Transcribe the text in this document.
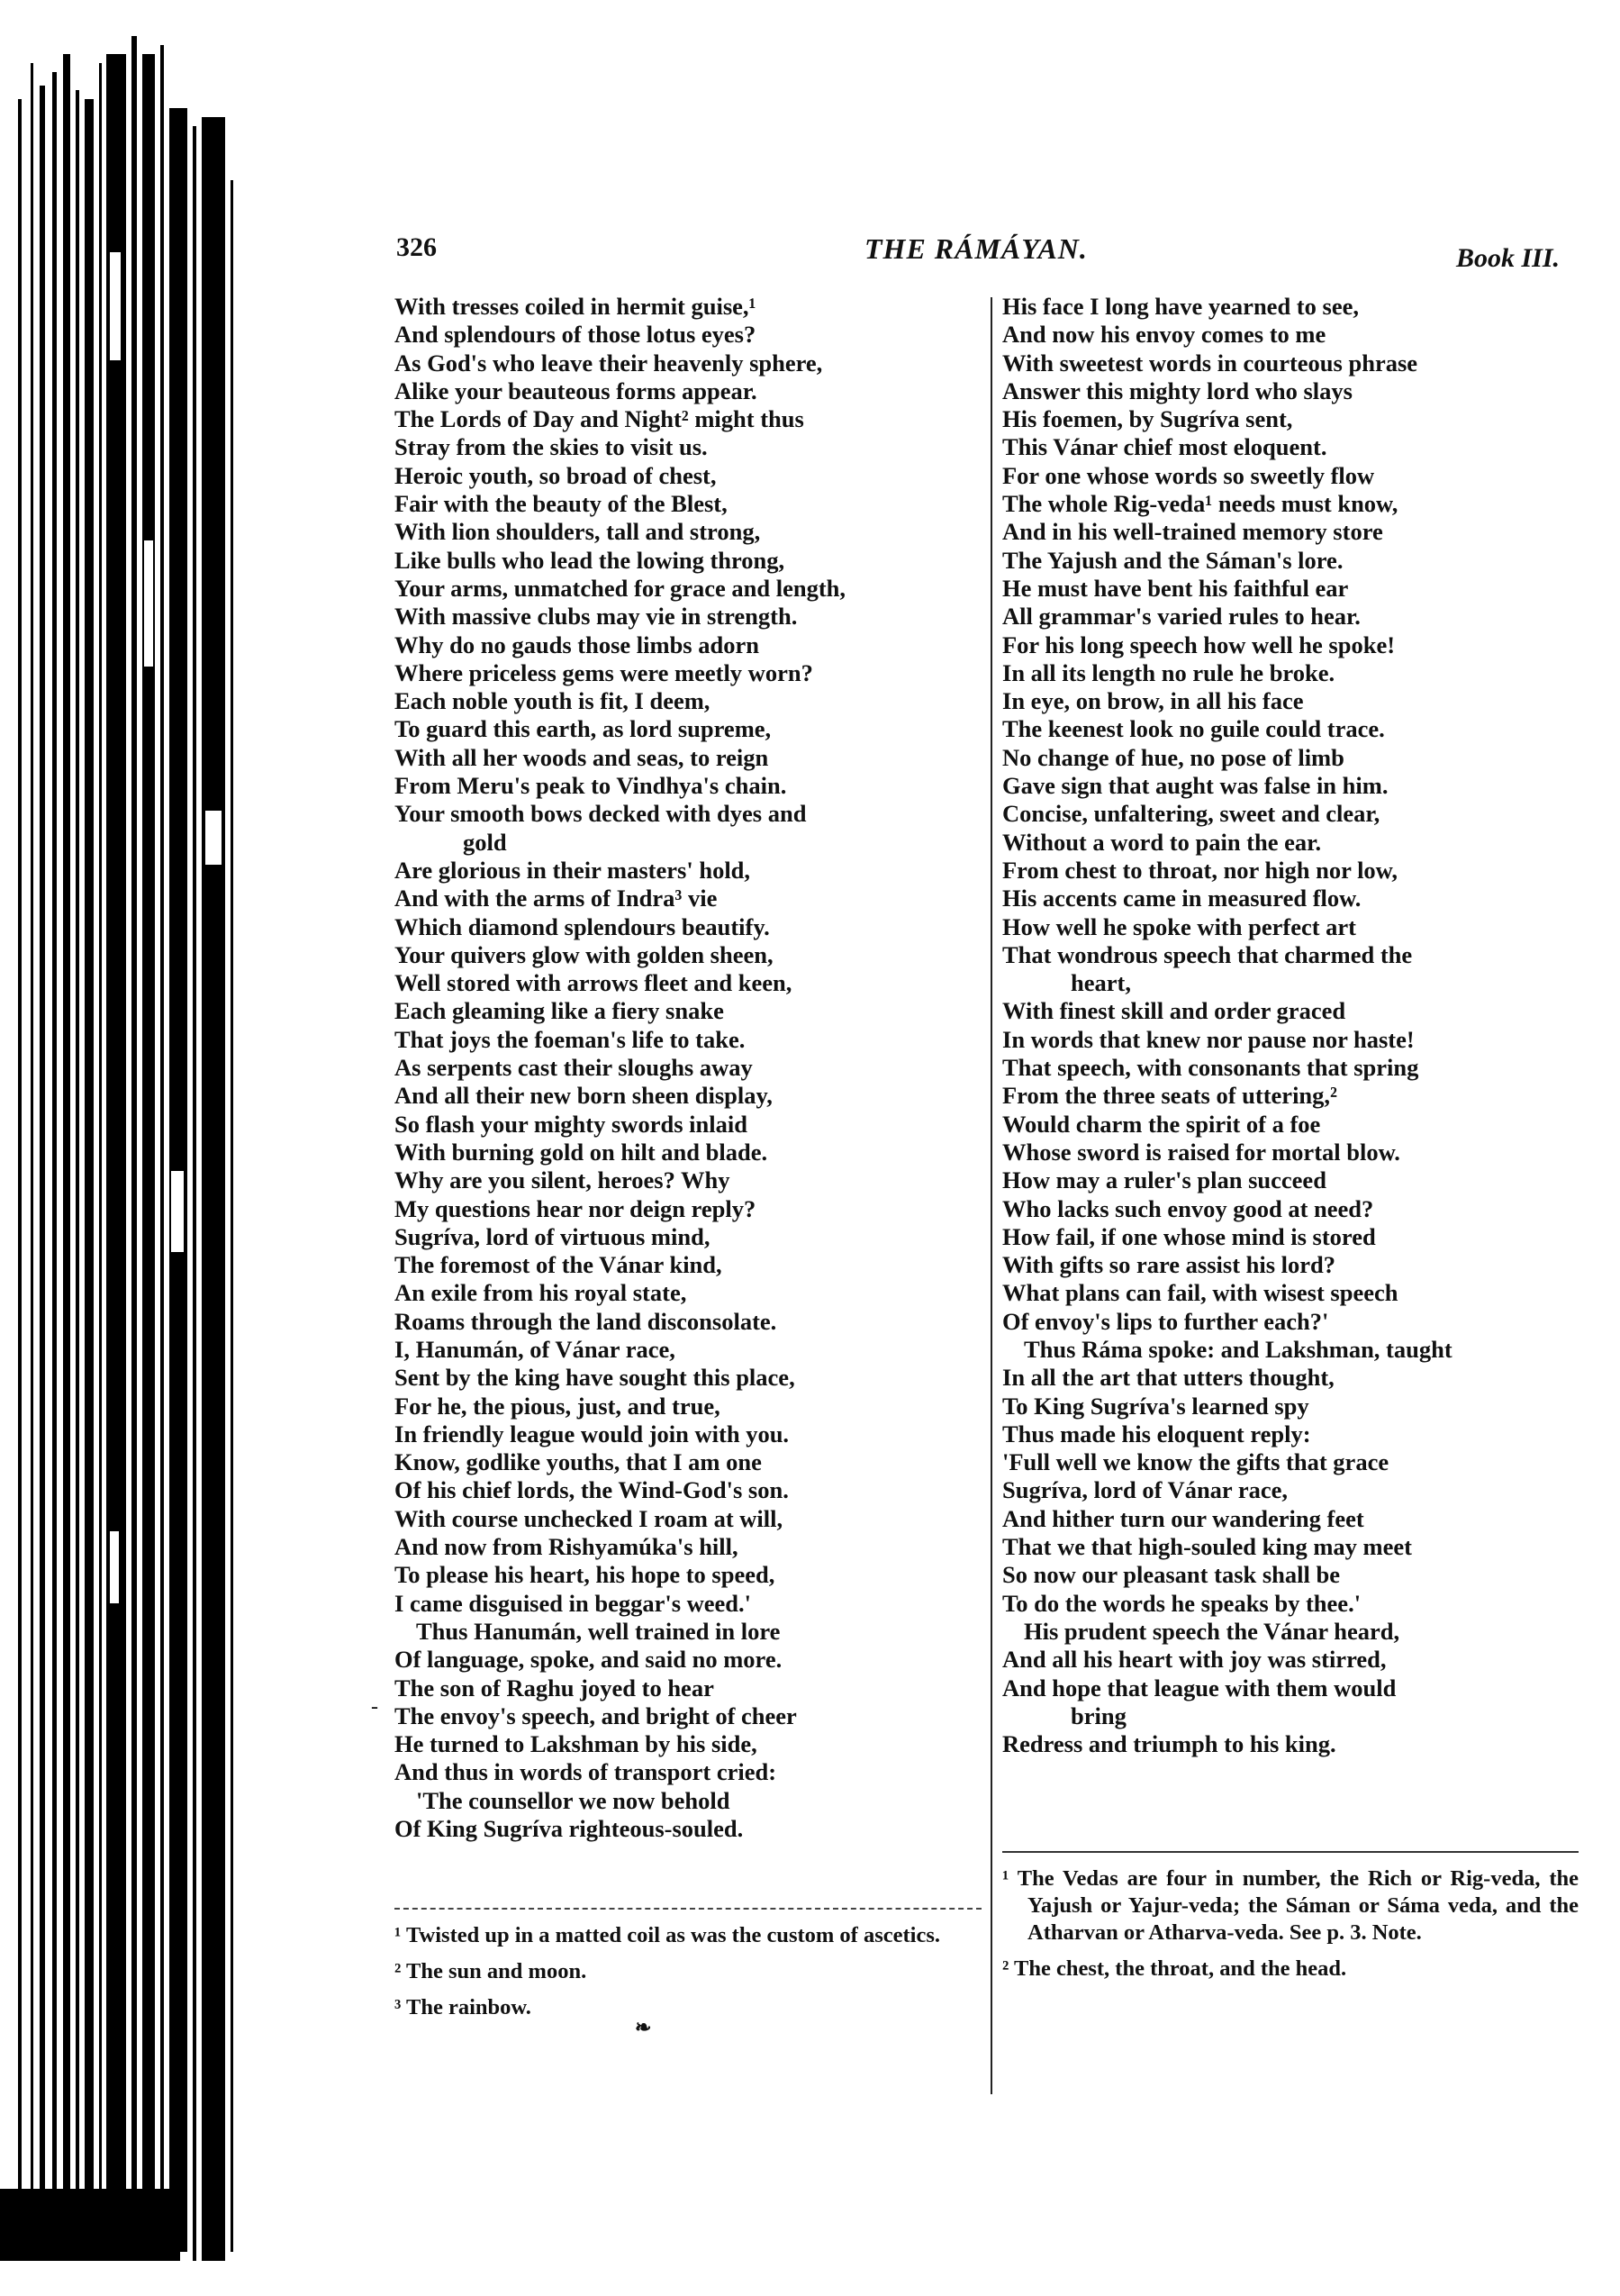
326	THE RÁMÁYAN.	Book III.
With tresses coiled in hermit guise,¹
And splendours of those lotus eyes?
As God's who leave their heavenly sphere,
Alike your beauteous forms appear.
The Lords of Day and Night² might thus
Stray from the skies to visit us.
Heroic youth, so broad of chest,
Fair with the beauty of the Blest,
With lion shoulders, tall and strong,
Like bulls who lead the lowing throng,
Your arms, unmatched for grace and length,
With massive clubs may vie in strength.
Why do no gauds those limbs adorn
Where priceless gems were meetly worn?
Each noble youth is fit, I deem,
To guard this earth, as lord supreme,
With all her woods and seas, to reign
From Meru's peak to Vindhya's chain.
Your smooth bows decked with dyes and
gold
Are glorious in their masters' hold,
And with the arms of Indra³ vie
Which diamond splendours beautify.
Your quivers glow with golden sheen,
Well stored with arrows fleet and keen,
Each gleaming like a fiery snake
That joys the foeman's life to take.
As serpents cast their sloughs away
And all their new born sheen display,
So flash your mighty swords inlaid
With burning gold on hilt and blade.
Why are you silent, heroes? Why
My questions hear nor deign reply?
Sugríva, lord of virtuous mind,
The foremost of the Vánar kind,
An exile from his royal state,
Roams through the land disconsolate.
I, Hanumán, of Vánar race,
Sent by the king have sought this place,
For he, the pious, just, and true,
In friendly league would join with you.
Know, godlike youths, that I am one
Of his chief lords, the Wind-God's son.
With course unchecked I roam at will,
And now from Rishyamúka's hill,
To please his heart, his hope to speed,
I came disguised in beggar's weed.'
Thus Hanumán, well trained in lore
Of language, spoke, and said no more.
The son of Raghu joyed to hear
The envoy's speech, and bright of cheer
He turned to Lakshman by his side,
And thus in words of transport cried:
'The counsellor we now behold
Of King Sugríva righteous-souled.
His face I long have yearned to see,
And now his envoy comes to me
With sweetest words in courteous phrase
Answer this mighty lord who slays
His foemen, by Sugríva sent,
This Vánar chief most eloquent.
For one whose words so sweetly flow
The whole Rig-veda¹ needs must know,
And in his well-trained memory store
The Yajush and the Sáman's lore.
He must have bent his faithful ear
All grammar's varied rules to hear.
For his long speech how well he spoke!
In all its length no rule he broke.
In eye, on brow, in all his face
The keenest look no guile could trace.
No change of hue, no pose of limb
Gave sign that aught was false in him.
Concise, unfaltering, sweet and clear,
Without a word to pain the ear.
From chest to throat, nor high nor low,
His accents came in measured flow.
How well he spoke with perfect art
That wondrous speech that charmed the
heart,
With finest skill and order graced
In words that knew nor pause nor haste!
That speech, with consonants that spring
From the three seats of uttering,²
Would charm the spirit of a foe
Whose sword is raised for mortal blow.
How may a ruler's plan succeed
Who lacks such envoy good at need?
How fail, if one whose mind is stored
With gifts so rare assist his lord?
What plans can fail, with wisest speech
Of envoy's lips to further each?'
Thus Ráma spoke: and Lakshman, taught
In all the art that utters thought,
To King Sugríva's learned spy
Thus made his eloquent reply:
'Full well we know the gifts that grace
Sugríva, lord of Vánar race,
And hither turn our wandering feet
That we that high-souled king may meet
So now our pleasant task shall be
To do the words he speaks by thee.'
His prudent speech the Vánar heard,
And all his heart with joy was stirred,
And hope that league with them would
bring
Redress and triumph to his king.
¹ Twisted up in a matted coil as was the custom of ascetics.
² The sun and moon.
³ The rainbow.
¹ The Vedas are four in number, the Rich or Rig-veda, the Yajush or Yajur-veda; the Sáman or Sáma veda, and the Atharvan or Atharva-veda. See p. 3. Note.
² The chest, the throat, and the head.
❧
-
